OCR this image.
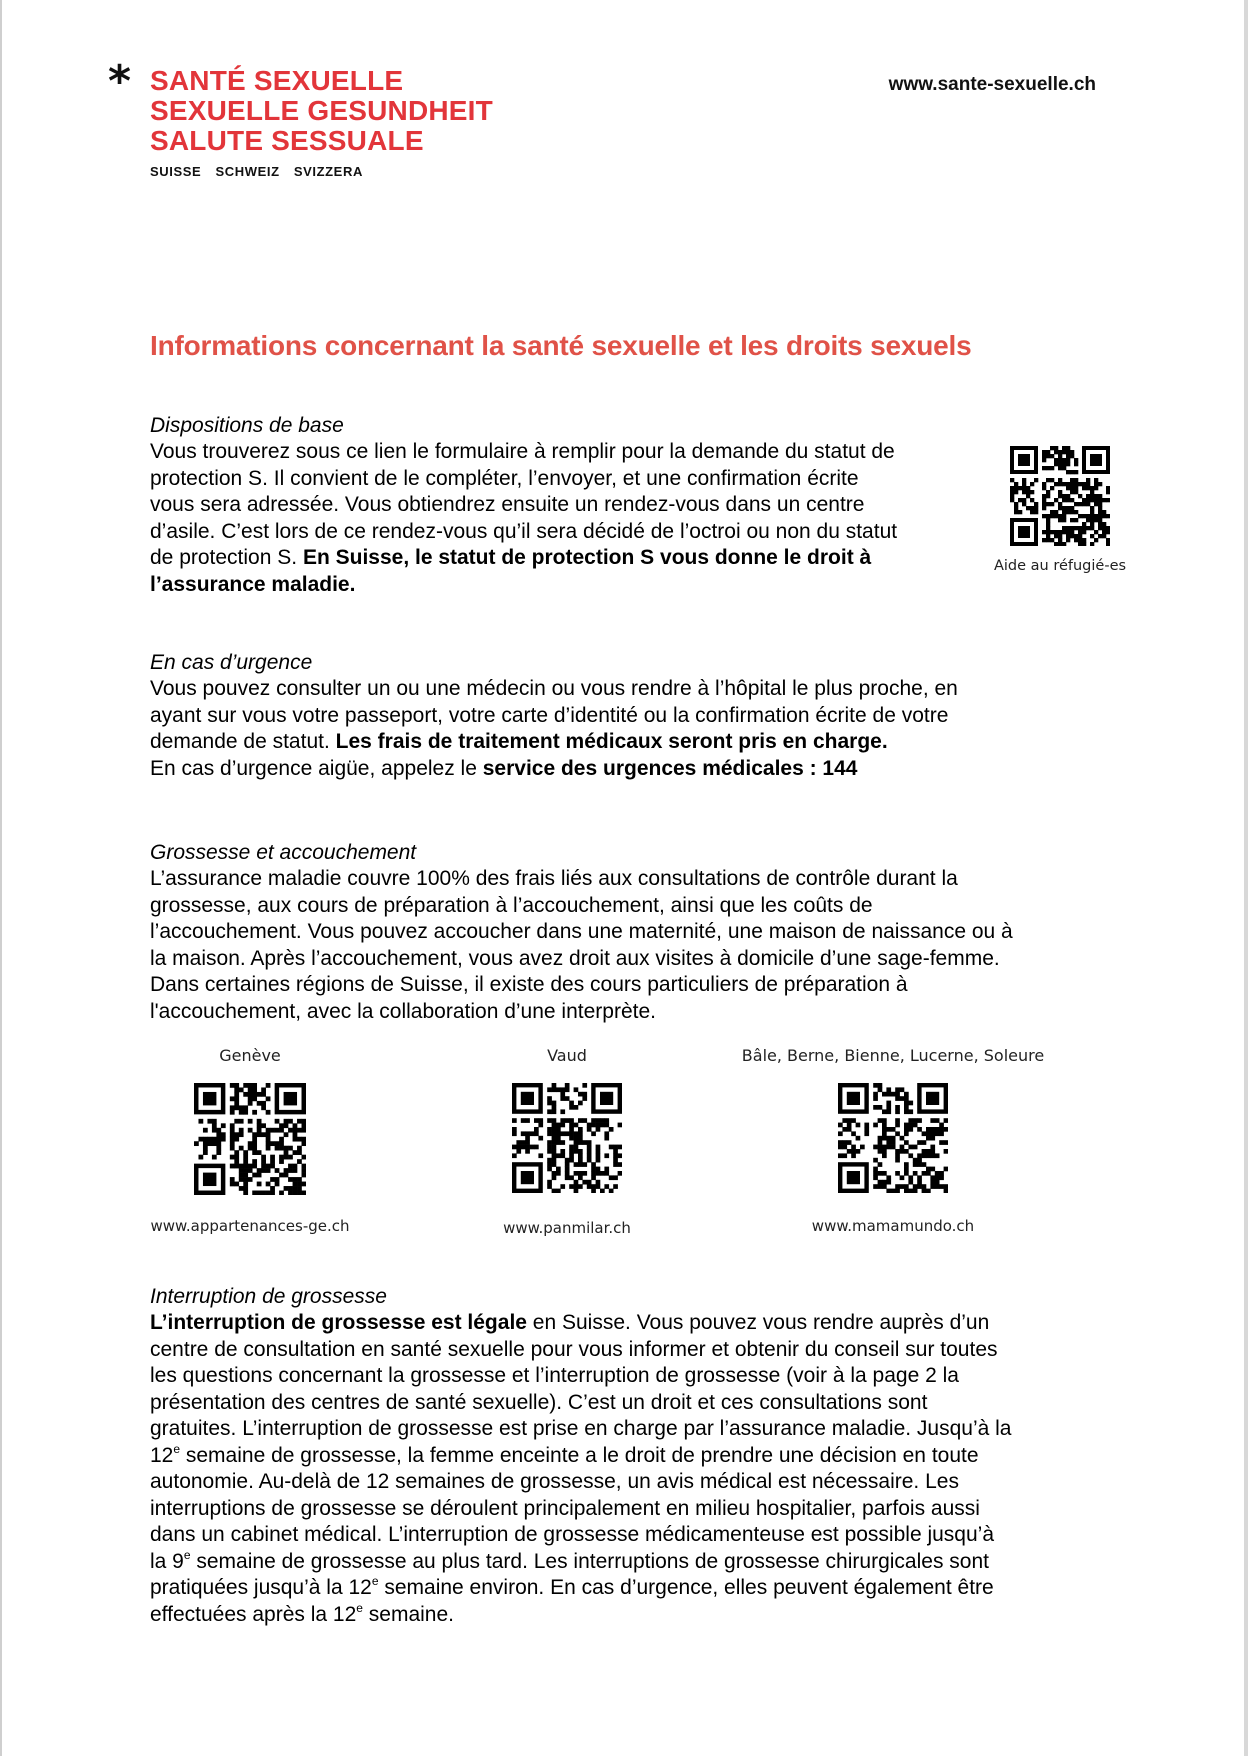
* SANTÉ SEXUELLE
SEXUELLE GESUNDHEIT
SALUTE SESSUALE
SUISSE SCHWEIZ SVIZZERA
www.sante-sexuelle.ch
Informations concernant la santé sexuelle et les droits sexuels
Dispositions de base

Vous trouverez sous ce lien le formulaire à remplir pour la demande du statut de
protection S. Il convient de le compléter, l’envoyer, et une confirmation écrite
vous sera adressée. Vous obtiendrez ensuite un rendez-vous dans un centre
d’asile. C’est lors de ce rendez-vous qu’il sera décidé de l’octroi ou non du statut
de protection S. En Suisse, le statut de protection S vous donne le droit à
l’assurance maladie.

Aide au réfugié-es
En cas d’urgence

Vous pouvez consulter un ou une médecin ou vous rendre à l’hôpital le plus proche, en
ayant sur vous votre passeport, votre carte d’identité ou la confirmation écrite de votre
demande de statut. Les frais de traitement médicaux seront pris en charge.
En cas d’urgence aigüe, appelez le service des urgences médicales : 144

Grossesse et accouchement

L’assurance maladie couvre 100% des frais liés aux consultations de contrôle durant la
grossesse, aux cours de préparation à l’accouchement, ainsi que les coûts de
l’accouchement. Vous pouvez accoucher dans une maternité, une maison de naissance ou à
la maison. Après l’accouchement, vous avez droit aux visites à domicile d’une sage-femme.
Dans certaines régions de Suisse, il existe des cours particuliers de préparation à
l'accouchement, avec la collaboration d’une interprète.

Genève
www.appartenances-ge.ch
Vaud
www.panmilar.ch
Bâle, Berne, Bienne, Lucerne, Soleure
www.mamamundo.ch
Interruption de grossesse

L’interruption de grossesse est légale en Suisse. Vous pouvez vous rendre auprès d’un
centre de consultation en santé sexuelle pour vous informer et obtenir du conseil sur toutes
les questions concernant la grossesse et l’interruption de grossesse (voir à la page 2 la
présentation des centres de santé sexuelle). C’est un droit et ces consultations sont
gratuites. L’interruption de grossesse est prise en charge par l’assurance maladie. Jusqu’à la
12e semaine de grossesse, la femme enceinte a le droit de prendre une décision en toute
autonomie. Au-delà de 12 semaines de grossesse, un avis médical est nécessaire. Les
interruptions de grossesse se déroulent principalement en milieu hospitalier, parfois aussi
dans un cabinet médical. L’interruption de grossesse médicamenteuse est possible jusqu’à
la 9e semaine de grossesse au plus tard. Les interruptions de grossesse chirurgicales sont
pratiquées jusqu’à la 12e semaine environ. En cas d’urgence, elles peuvent également être
effectuées après la 12e semaine.
